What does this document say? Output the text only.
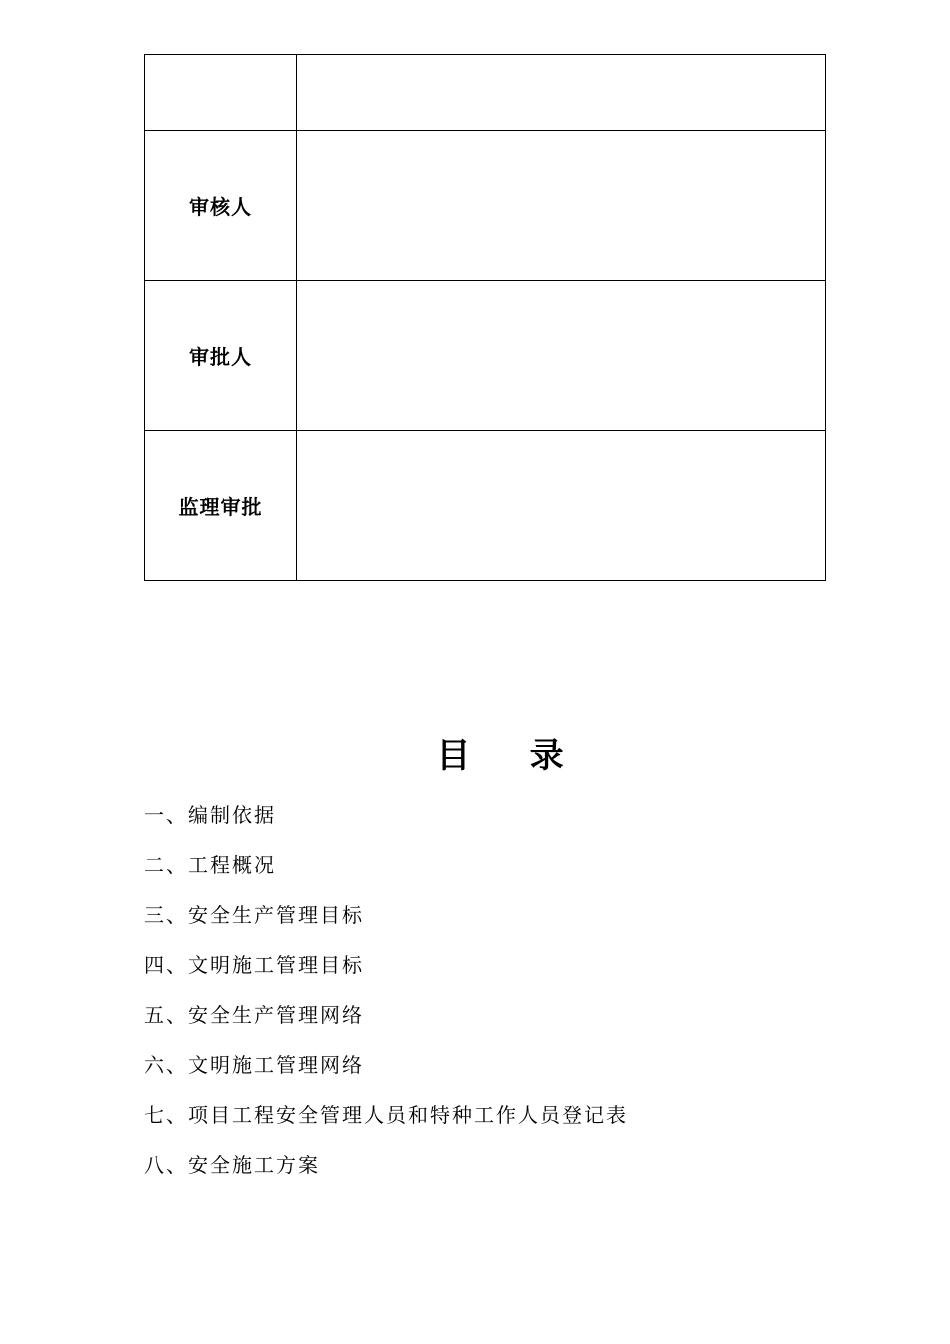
审核人	
审批人	
监理审批	
目     录
一、编制依据
二、工程概况
三、安全生产管理目标
四、文明施工管理目标
五、安全生产管理网络
六、文明施工管理网络
七、项目工程安全管理人员和特种工作人员登记表
八、安全施工方案
